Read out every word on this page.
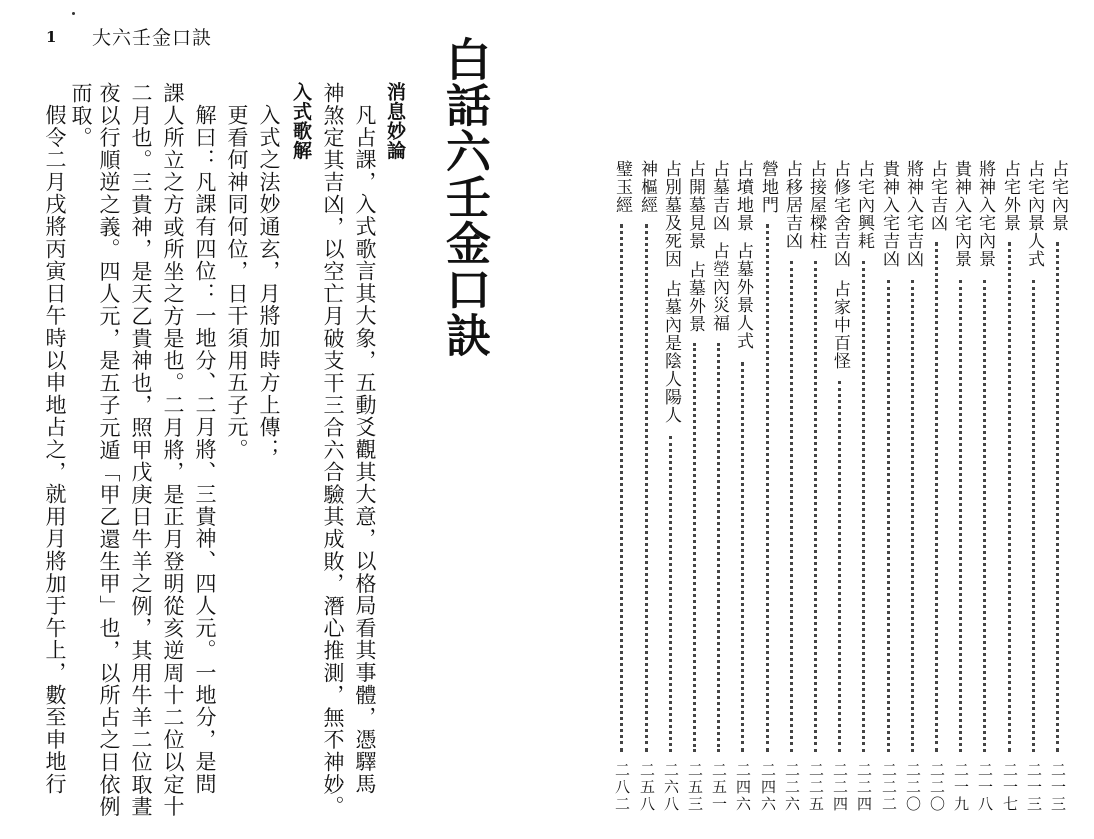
1 大六壬金口訣	白話六壬金口訣
消息妙論
凡占課，入式歌言其大象，五動爻觀其大意，以格局看其事體，憑驛馬
神煞定其吉凶，以空亡月破支干三合六合驗其成敗，潛心推測，無不神妙。
入式歌解
入式之法妙通玄，月將加時方上傳；
更看何神同何位，日干須用五子元。
解曰：凡課有四位：一地分、二月將、三貴神、四人元。一地分，是問
課人所立之方或所坐之方是也。二月將，是正月登明從亥逆周十二位以定十
二月也。三貴神，是天乙貴神也，照甲戊庚日牛羊之例，其用牛羊二位取晝
夜以行順逆之義。四人元，是五子元遁「甲乙還生甲」也，以所占之日依例
而取。
假令二月戌將丙寅日午時以申地占之，就用月將加于午上，數至申地行	占宅內景
二一三
占宅內景人式
二一三
占宅外景
二一七
將神入宅內景
二一八
貴神入宅內景
二一九
占宅吉凶
二二〇
將神入宅吉凶
二二〇
貴神入宅吉凶
二二二
占宅內興耗
二二四
占修宅舍吉凶
占家中百怪
二二四
占接屋樑柱
二二五
占移居吉凶
二二六
營地門
二四六
占墳地景
占墓外景人式
二四六
占墓吉凶
占塋內災福
二五一
占開墓見景
占墓外景
二五三
占別墓及死因
占墓內是陰人陽人
二六八
神樞經
二五八
璧玉經
二八二
